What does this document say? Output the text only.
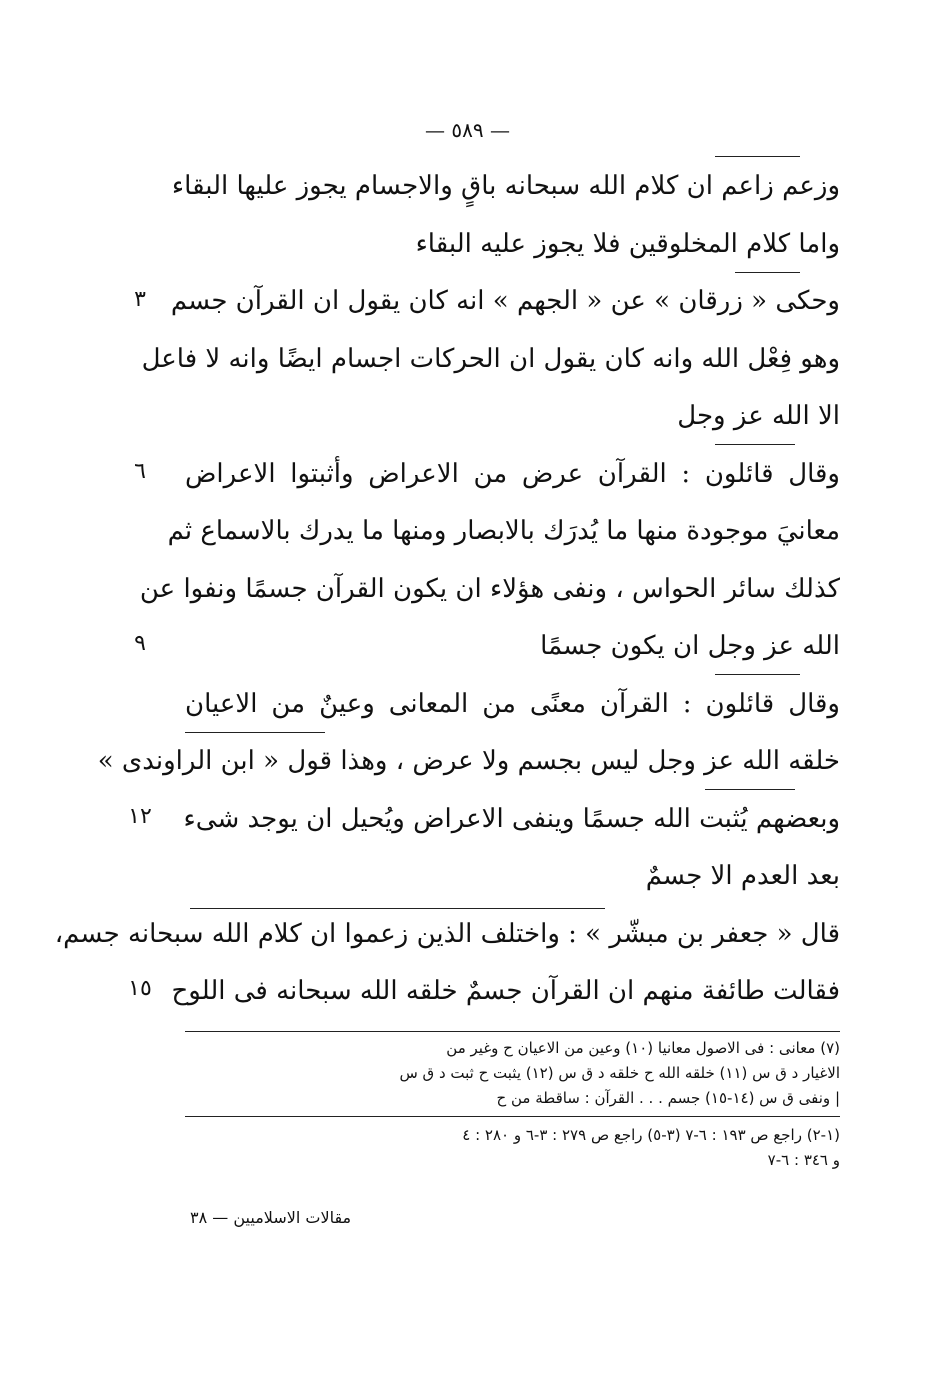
— ٥٨٩ —
وزعم زاعم ان كلام الله سبحانه باقٍ والاجسام يجوز عليها البقاء
واما كلام المخلوقين فلا يجوز عليه البقاء
وحكى « زرقان » عن « الجهم » انه كان يقول ان القرآن جسم
وهو فِعْل الله وانه كان يقول ان الحركات اجسام ايضًا وانه لا فاعل
الا الله عز وجل
وقال قائلون : القرآن عرض من الاعراض وأثبتوا الاعراض
معانيَ موجودة منها ما يُدرَك بالابصار ومنها ما يدرك بالاسماع ثم
كذلك سائر الحواس ، ونفى هؤلاء ان يكون القرآن جسمًا ونفوا عن
الله عز وجل ان يكون جسمًا
وقال قائلون : القرآن معنًى من المعانى وعينٌ من الاعيان
خلقه الله عز وجل ليس بجسم ولا عرض ، وهذا قول « ابن الراوندى »
وبعضهم يُثبت الله جسمًا وينفى الاعراض ويُحيل ان يوجد شىء
بعد العدم الا جسمٌ
قال « جعفر بن مبشّر » : واختلف الذين زعموا ان كلام الله سبحانه جسم،
فقالت طائفة منهم ان القرآن جسمٌ خلقه الله سبحانه فى اللوح
٣
٦
٩
١٢
١٥
(٧) معانى : فى الاصول معانيا (١٠) وعين من الاعيان ح وغير من
الاغيار د ق س (١١) خلقه الله ح خلقه د ق س (١٢) يثبت ح ثبت د ق س
| ونفى ق س (١٤-١٥) جسم . . . القرآن : ساقطة من ح
(١-٢) راجع ص ١٩٣ : ٦-٧ (٣-٥) راجع ص ٢٧٩ : ٣-٦ و ٢٨٠ : ٤
و ٣٤٦ : ٦-٧
مقالات الاسلاميين — ٣٨
